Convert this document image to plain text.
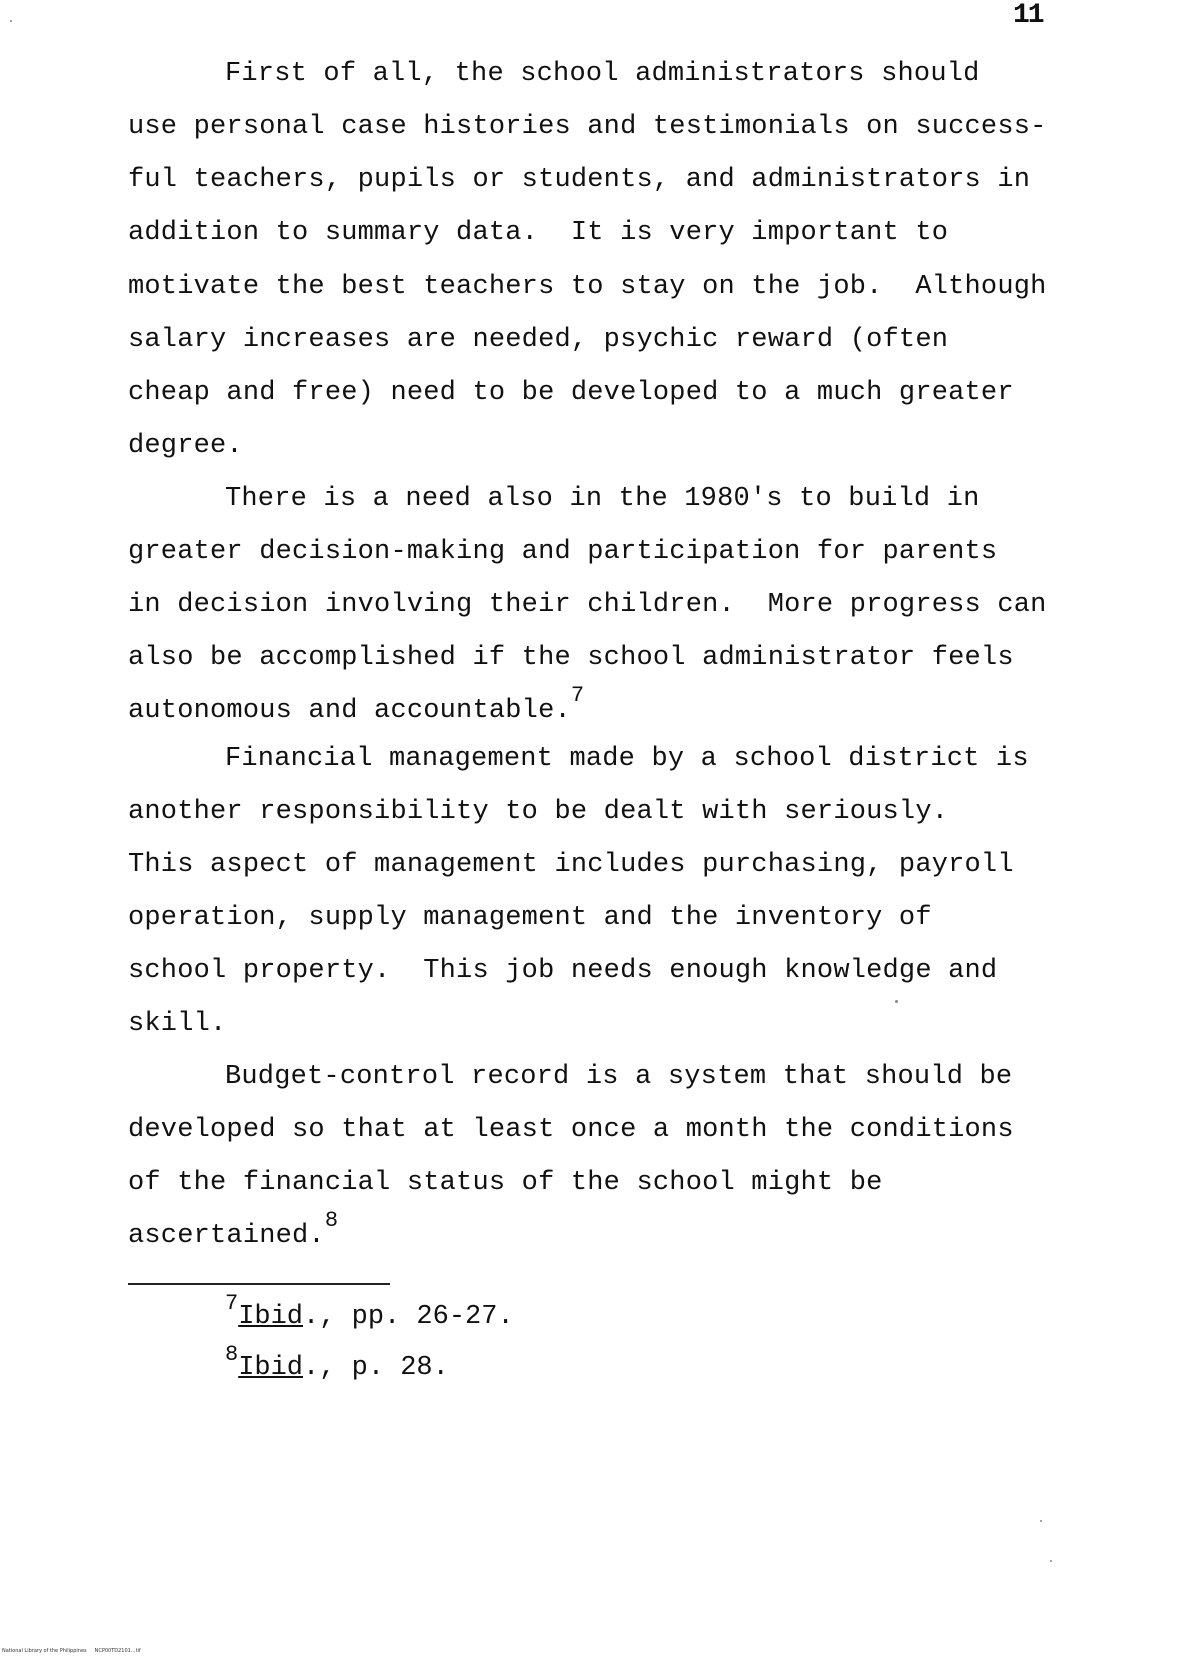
11
First of all, the school administrators should
use personal case histories and testimonials on success-
ful teachers, pupils or students, and administrators in
addition to summary data.  It is very important to
motivate the best teachers to stay on the job.  Although
salary increases are needed, psychic reward (often
cheap and free) need to be developed to a much greater
degree.
There is a need also in the 1980's to build in
greater decision-making and participation for parents
in decision involving their children.  More progress can
also be accomplished if the school administrator feels
autonomous and accountable.$^7$
Financial management made by a school district is
another responsibility to be dealt with seriously.
This aspect of management includes purchasing, payroll
operation, supply management and the inventory of
school property.  This job needs enough knowledge and
skill.
Budget-control record is a system that should be
developed so that at least once a month the conditions
of the financial status of the school might be
ascertained.$^8$
$^7$Ibid., pp. 26-27.
$^8$Ibid., p. 28.
National Library of the Philippines     NCP00TD2101...tif
